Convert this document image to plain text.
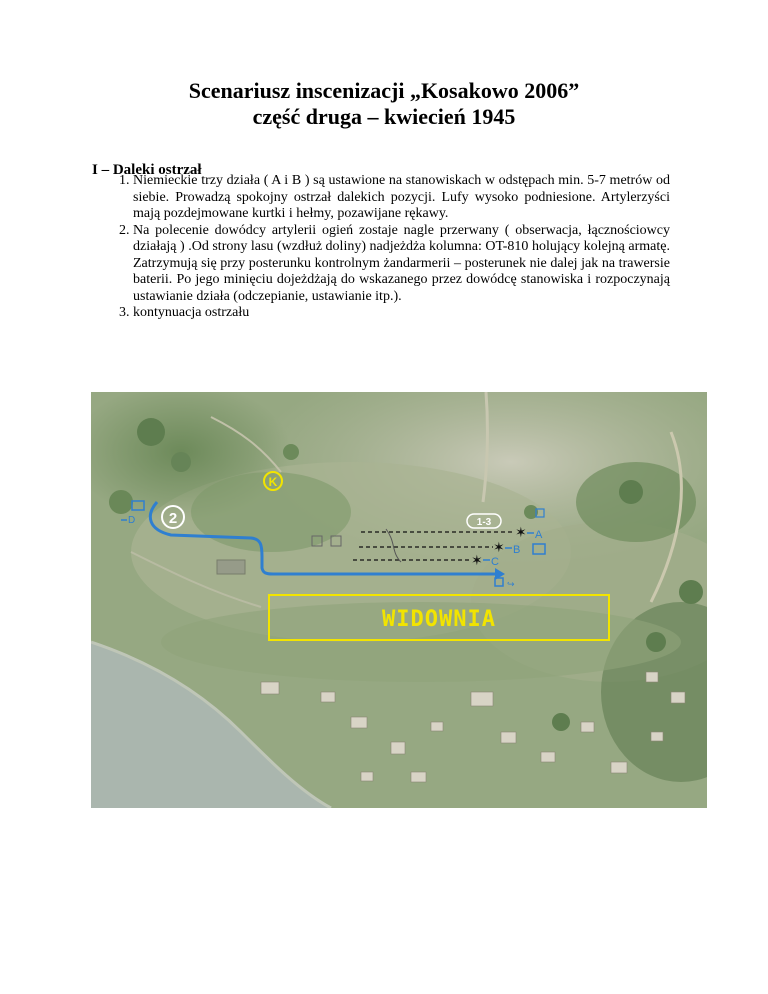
Scenariusz inscenizacji „Kosakowo 2006”
część druga – kwiecień 1945
I – Daleki ostrzał
1. Niemieckie trzy działa ( A i B ) są ustawione na stanowiskach w odstępach min. 5-7 metrów od siebie. Prowadzą spokojny ostrzał dalekich pozycji. Lufy wysoko podniesione. Artylerzyści mają pozdejmowane kurtki i hełmy, pozawijane rękawy.
2. Na polecenie dowódcy artylerii ogień zostaje nagle przerwany ( obserwacja, łącznościowcy działają ) .Od strony lasu (wzdłuż doliny) nadjeżdża kolumna: OT-810 holujący kolejną armatę. Zatrzymują się przy posterunku kontrolnym żandarmerii – posterunek nie dalej jak na trawersie baterii. Po jego minięciu dojeżdżają do wskazanego przez dowódcę stanowiska i rozpoczynają ustawianie działa (odczepianie, ustawianie itp.).
3. kontynuacja ostrzału
K
D 2
✶
✶
✶
1-3
A
B
C
↪
WIDOWNIA
